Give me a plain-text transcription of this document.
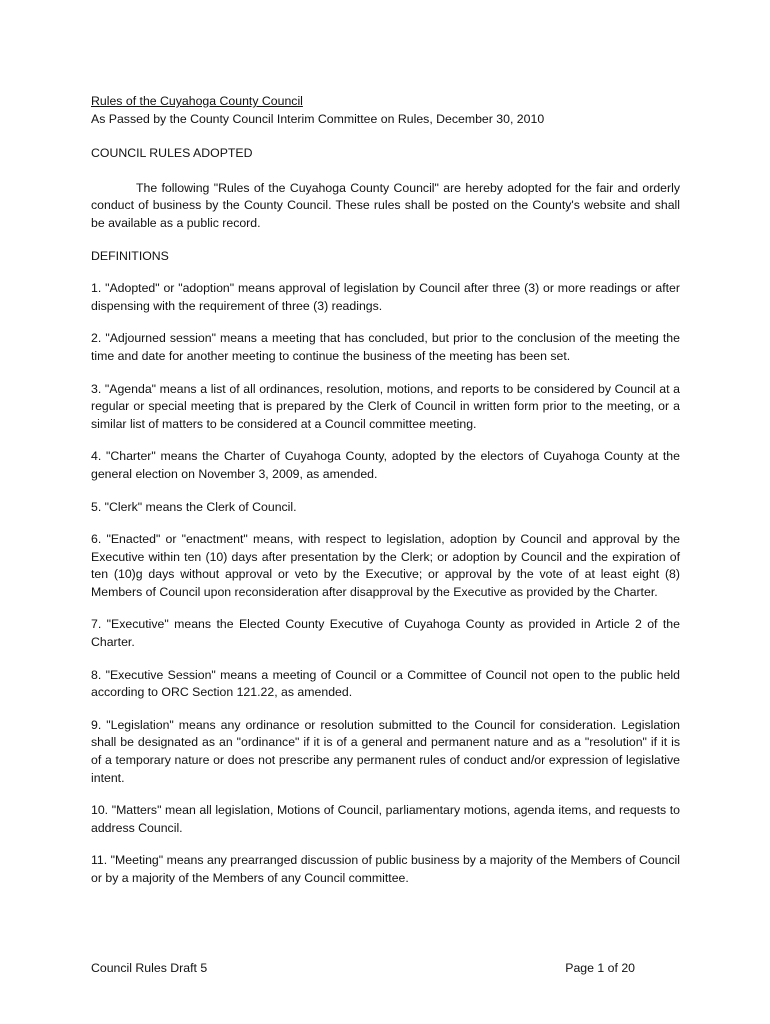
Rules of the Cuyahoga County Council

As Passed by the County Council Interim Committee on Rules, December 30, 2010

COUNCIL RULES ADOPTED

The following "Rules of the Cuyahoga County Council" are hereby adopted for the fair and orderly conduct of business by the County Council. These rules shall be posted on the County's website and shall be available as a public record.

DEFINITIONS

1. "Adopted" or "adoption" means approval of legislation by Council after three (3) or more readings or after dispensing with the requirement of three (3) readings.

2. "Adjourned session" means a meeting that has concluded, but prior to the conclusion of the meeting the time and date for another meeting to continue the business of the meeting has been set.

3. "Agenda" means a list of all ordinances, resolution, motions, and reports to be considered by Council at a regular or special meeting that is prepared by the Clerk of Council in written form prior to the meeting, or a similar list of matters to be considered at a Council committee meeting.

4. "Charter" means the Charter of Cuyahoga County, adopted by the electors of Cuyahoga County at the general election on November 3, 2009, as amended.

5. "Clerk" means the Clerk of Council.

6. "Enacted" or "enactment" means, with respect to legislation, adoption by Council and approval by the Executive within ten (10) days after presentation by the Clerk; or adoption by Council and the expiration of ten (10)g days without approval or veto by the Executive; or approval by the vote of at least eight (8) Members of Council upon reconsideration after disapproval by the Executive as provided by the Charter.

7. "Executive" means the Elected County Executive of Cuyahoga County as provided in Article 2 of the Charter.

8. "Executive Session" means a meeting of Council or a Committee of Council not open to the public held according to ORC Section 121.22, as amended.

9. "Legislation" means any ordinance or resolution submitted to the Council for consideration. Legislation shall be designated as an "ordinance" if it is of a general and permanent nature and as a "resolution" if it is of a temporary nature or does not prescribe any permanent rules of conduct and/or expression of legislative intent.

10. "Matters" mean all legislation, Motions of Council, parliamentary motions, agenda items, and requests to address Council.

11. "Meeting" means any prearranged discussion of public business by a majority of the Members of Council or by a majority of the Members of any Council committee.

Council Rules Draft 5	Page 1 of 20
